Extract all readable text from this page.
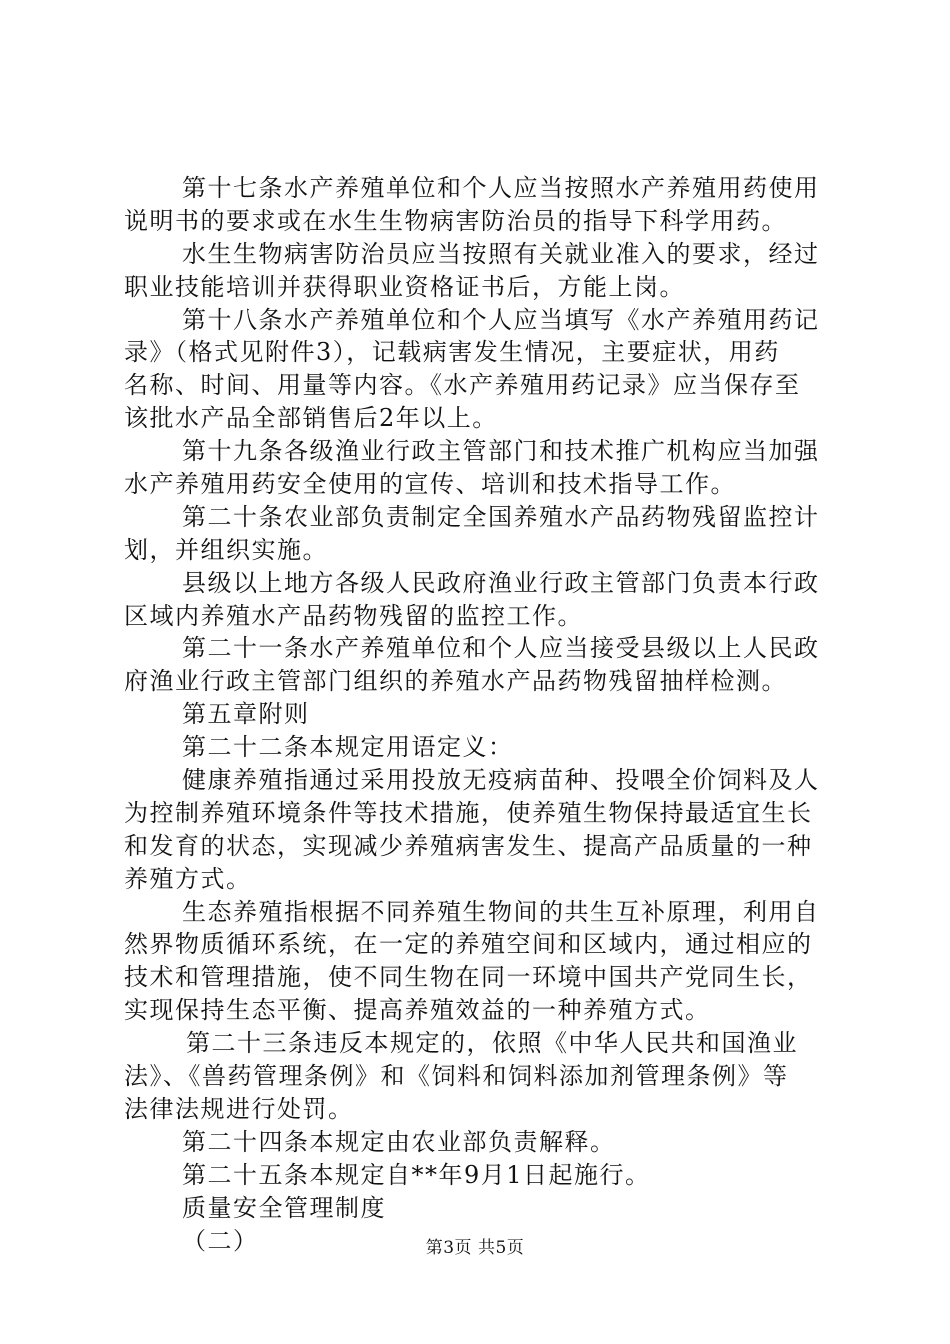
第十七条水产养殖单位和个人应当按照水产养殖用药使用
说明书的要求或在水生生物病害防治员的指导下科学用药。
水生生物病害防治员应当按照有关就业准入的要求，经过
职业技能培训并获得职业资格证书后，方能上岗。
第十八条水产养殖单位和个人应当填写《水产养殖用药记
录》（格式见附件3），记载病害发生情况，主要症状，用药
名称、时间、用量等内容。《水产养殖用药记录》应当保存至
该批水产品全部销售后2年以上。
第十九条各级渔业行政主管部门和技术推广机构应当加强
水产养殖用药安全使用的宣传、培训和技术指导工作。
第二十条农业部负责制定全国养殖水产品药物残留监控计
划，并组织实施。
县级以上地方各级人民政府渔业行政主管部门负责本行政
区域内养殖水产品药物残留的监控工作。
第二十一条水产养殖单位和个人应当接受县级以上人民政
府渔业行政主管部门组织的养殖水产品药物残留抽样检测。
第五章附则
第二十二条本规定用语定义：
健康养殖指通过采用投放无疫病苗种、投喂全价饲料及人
为控制养殖环境条件等技术措施，使养殖生物保持最适宜生长
和发育的状态，实现减少养殖病害发生、提高产品质量的一种
养殖方式。
生态养殖指根据不同养殖生物间的共生互补原理，利用自
然界物质循环系统，在一定的养殖空间和区域内，通过相应的
技术和管理措施，使不同生物在同一环境中国共产党同生长，
实现保持生态平衡、提高养殖效益的一种养殖方式。
第二十三条违反本规定的，依照《中华人民共和国渔业
法》、《兽药管理条例》和《饲料和饲料添加剂管理条例》等
法律法规进行处罚。
第二十四条本规定由农业部负责解释。
第二十五条本规定自**年9月1日起施行。
质量安全管理制度
（二）	第3页 共5页
